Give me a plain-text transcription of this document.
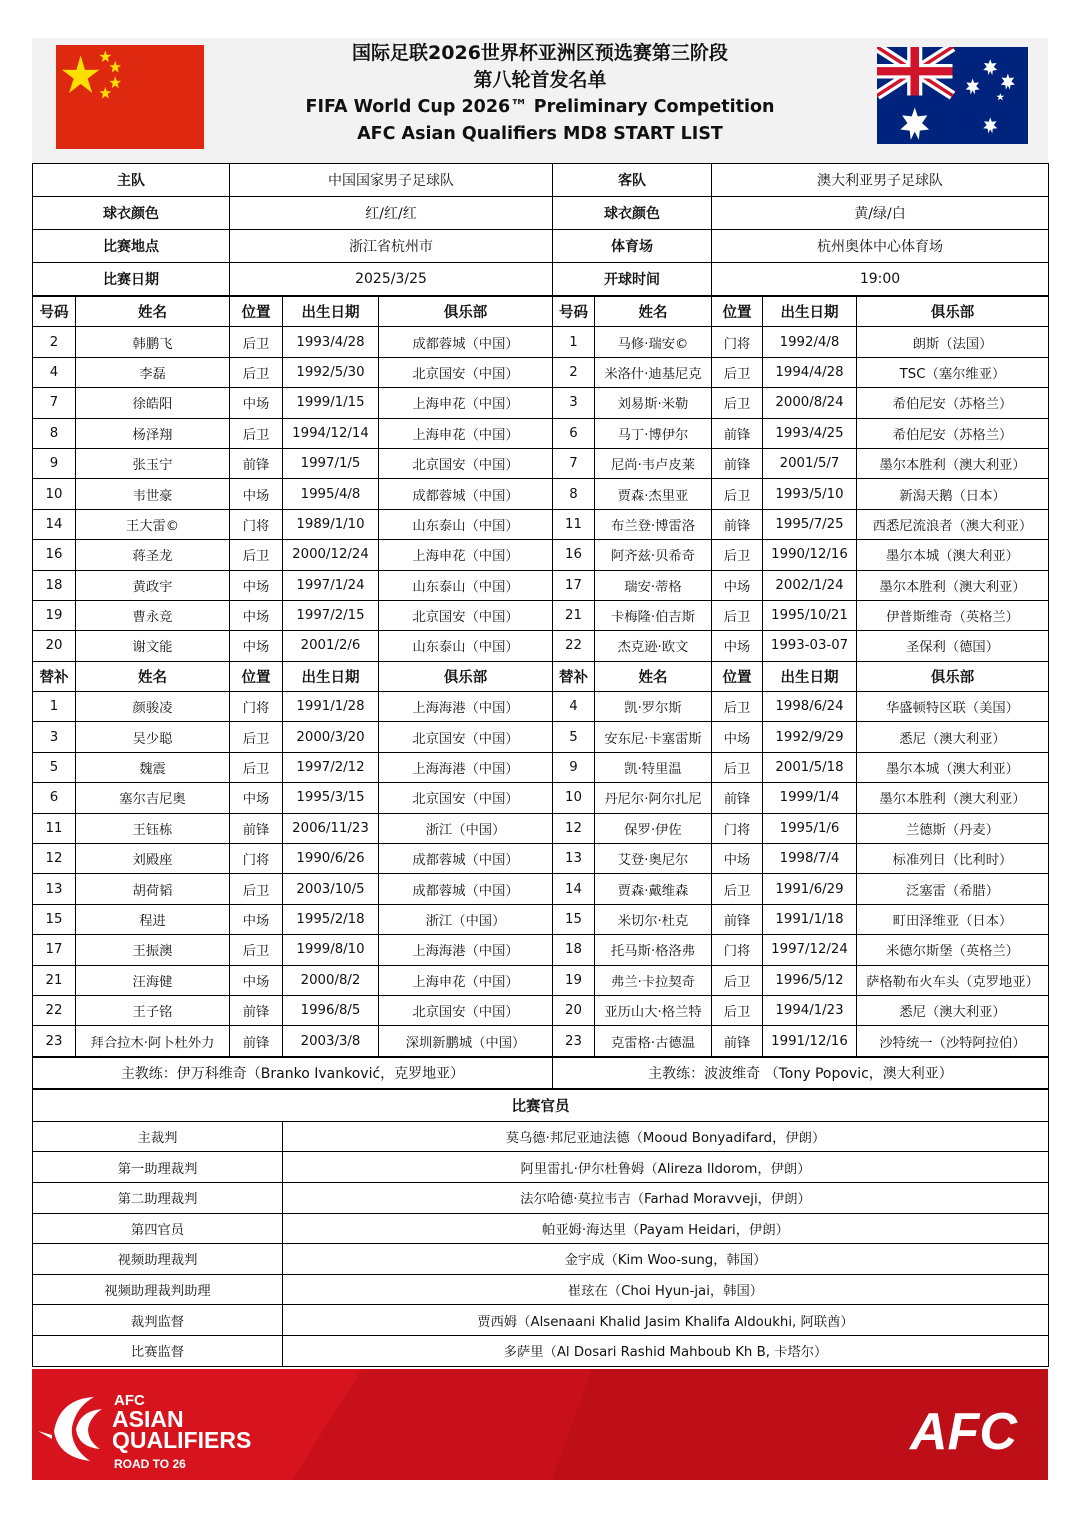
国际足联2026世界杯亚洲区预选赛第三阶段
第八轮首发名单
FIFA World Cup 2026™ Preliminary Competition
AFC Asian Qualifiers MD8 START LIST
主队	中国国家男子足球队	客队	澳大利亚男子足球队
球衣颜色	红/红/红	球衣颜色	黄/绿/白
比赛地点	浙江省杭州市	体育场	杭州奥体中心体育场
比赛日期	2025/3/25	开球时间	19:00
号码	姓名	位置	出生日期	俱乐部	号码	姓名	位置	出生日期	俱乐部
2	韩鹏飞	后卫	1993/4/28	成都蓉城（中国）	1	马修·瑞安©	门将	1992/4/8	朗斯（法国）
4	李磊	后卫	1992/5/30	北京国安（中国）	2	米洛什·迪基尼克	后卫	1994/4/28	TSC（塞尔维亚）
7	徐皓阳	中场	1999/1/15	上海申花（中国）	3	刘易斯·米勒	后卫	2000/8/24	希伯尼安（苏格兰）
8	杨泽翔	后卫	1994/12/14	上海申花（中国）	6	马丁·博伊尔	前锋	1993/4/25	希伯尼安（苏格兰）
9	张玉宁	前锋	1997/1/5	北京国安（中国）	7	尼尚·韦卢皮莱	前锋	2001/5/7	墨尔本胜利（澳大利亚）
10	韦世豪	中场	1995/4/8	成都蓉城（中国）	8	贾森·杰里亚	后卫	1993/5/10	新潟天鹅（日本）
14	王大雷©	门将	1989/1/10	山东泰山（中国）	11	布兰登·博雷洛	前锋	1995/7/25	西悉尼流浪者（澳大利亚）
16	蒋圣龙	后卫	2000/12/24	上海申花（中国）	16	阿齐兹·贝希奇	后卫	1990/12/16	墨尔本城（澳大利亚）
18	黄政宇	中场	1997/1/24	山东泰山（中国）	17	瑞安·蒂格	中场	2002/1/24	墨尔本胜利（澳大利亚）
19	曹永竞	中场	1997/2/15	北京国安（中国）	21	卡梅隆·伯吉斯	后卫	1995/10/21	伊普斯维奇（英格兰）
20	谢文能	中场	2001/2/6	山东泰山（中国）	22	杰克逊·欧文	中场	1993-03-07	圣保利（德国）
替补	姓名	位置	出生日期	俱乐部	替补	姓名	位置	出生日期	俱乐部
1	颜骏凌	门将	1991/1/28	上海海港（中国）	4	凯·罗尔斯	后卫	1998/6/24	华盛顿特区联（美国）
3	吴少聪	后卫	2000/3/20	北京国安（中国）	5	安东尼·卡塞雷斯	中场	1992/9/29	悉尼（澳大利亚）
5	魏震	后卫	1997/2/12	上海海港（中国）	9	凯·特里温	后卫	2001/5/18	墨尔本城（澳大利亚）
6	塞尔吉尼奥	中场	1995/3/15	北京国安（中国）	10	丹尼尔·阿尔扎尼	前锋	1999/1/4	墨尔本胜利（澳大利亚）
11	王钰栋	前锋	2006/11/23	浙江（中国）	12	保罗·伊佐	门将	1995/1/6	兰德斯（丹麦）
12	刘殿座	门将	1990/6/26	成都蓉城（中国）	13	艾登·奥尼尔	中场	1998/7/4	标准列日（比利时）
13	胡荷韬	后卫	2003/10/5	成都蓉城（中国）	14	贾森·戴维森	后卫	1991/6/29	泛塞雷（希腊）
15	程进	中场	1995/2/18	浙江（中国）	15	米切尔·杜克	前锋	1991/1/18	町田泽维亚（日本）
17	王振澳	后卫	1999/8/10	上海海港（中国）	18	托马斯·格洛弗	门将	1997/12/24	米德尔斯堡（英格兰）
21	汪海健	中场	2000/8/2	上海申花（中国）	19	弗兰·卡拉契奇	后卫	1996/5/12	萨格勒布火车头（克罗地亚）
22	王子铭	前锋	1996/8/5	北京国安（中国）	20	亚历山大·格兰特	后卫	1994/1/23	悉尼（澳大利亚）
23	拜合拉木·阿卜杜外力	前锋	2003/3/8	深圳新鹏城（中国）	23	克雷格·古德温	前锋	1991/12/16	沙特统一（沙特阿拉伯）
主教练：伊万科维奇（Branko Ivanković，克罗地亚）	主教练：波波维奇 （Tony Popovic，澳大利亚）
比赛官员	
主裁判	莫乌德·邦尼亚迪法德（Mooud Bonyadifard，伊朗）
第一助理裁判	阿里雷扎·伊尔杜鲁姆（Alireza Ildorom，伊朗）
第二助理裁判	法尔哈德·莫拉韦吉（Farhad Moravveji，伊朗）
第四官员	帕亚姆·海达里（Payam Heidari，伊朗）
视频助理裁判	金宇成（Kim Woo-sung，韩国）
视频助理裁判助理	崔玹在（Choi Hyun-jai，韩国）
裁判监督	贾西姆（Alsenaani Khalid Jasim Khalifa Aldoukhi, 阿联酋）
比赛监督	多萨里（Al Dosari Rashid Mahboub Kh B, 卡塔尔）
AFC
ASIAN
QUALIFIERS
ROAD TO 26
AFC
